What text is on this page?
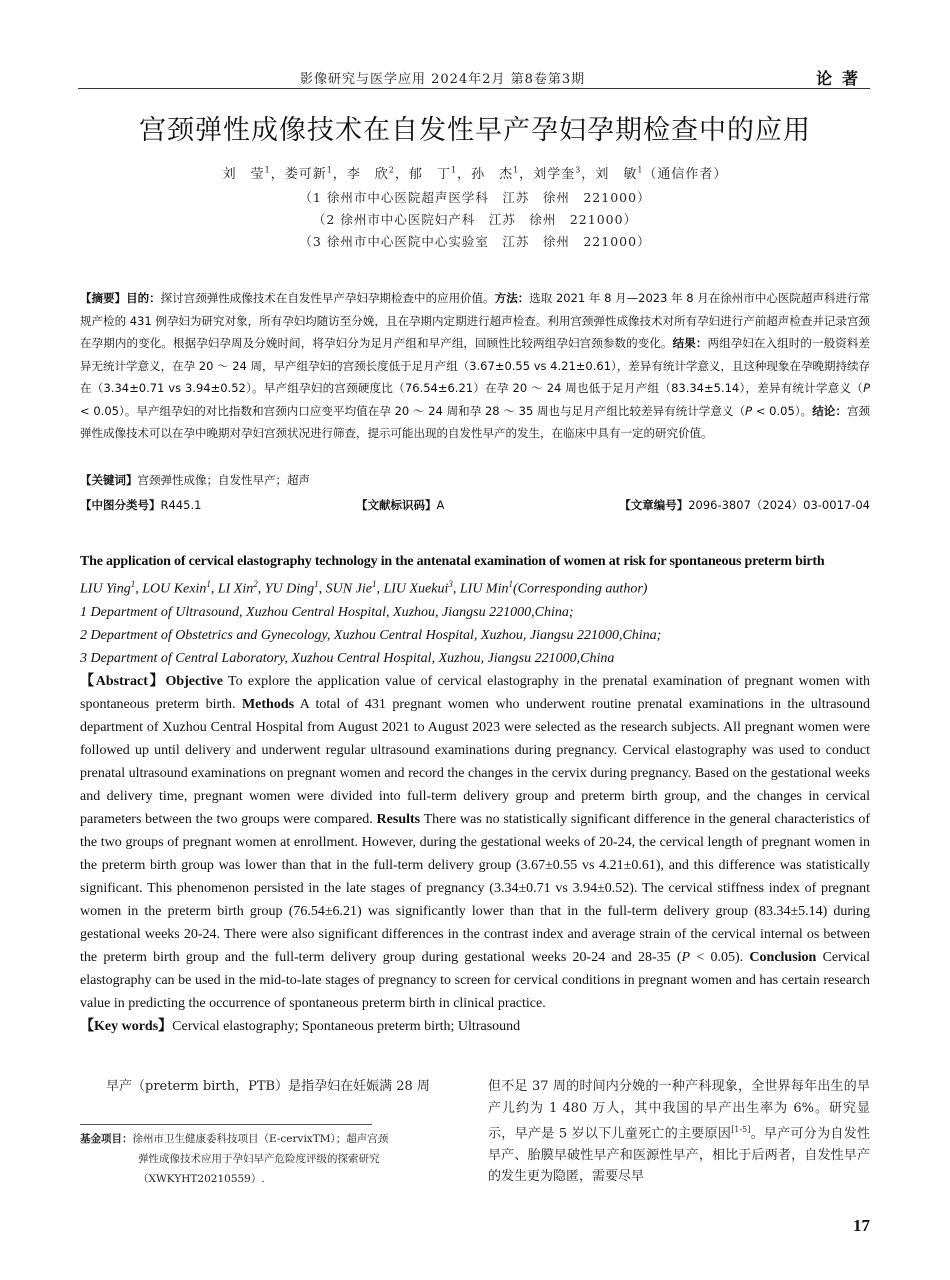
影像研究与医学应用 2024年2月 第8卷第3期	论著
宫颈弹性成像技术在自发性早产孕妇孕期检查中的应用
刘　莹$^1$，娄可新$^1$，李　欣$^2$，郁　丁$^1$，孙　杰$^1$，刘学奎$^3$，刘　敏$^1$（通信作者）
（1 徐州市中心医院超声医学科　江苏　徐州　221000）
（2 徐州市中心医院妇产科　江苏　徐州　221000）
（3 徐州市中心医院中心实验室　江苏　徐州　221000）
【摘要】目的：探讨宫颈弹性成像技术在自发性早产孕妇孕期检查中的应用价值。方法：选取 2021 年 8 月—2023 年 8 月在徐州市中心医院超声科进行常规产检的 431 例孕妇为研究对象，所有孕妇均随访至分娩，且在孕期内定期进行超声检查。利用宫颈弹性成像技术对所有孕妇进行产前超声检查并记录宫颈在孕期内的变化。根据孕妇孕周及分娩时间，将孕妇分为足月产组和早产组，回顾性比较两组孕妇宫颈参数的变化。结果：两组孕妇在入组时的一般资料差异无统计学意义，在孕 20 ～ 24 周，早产组孕妇的宫颈长度低于足月产组（3.67±0.55 vs 4.21±0.61），差异有统计学意义，且这种现象在孕晚期持续存在（3.34±0.71 vs 3.94±0.52）。早产组孕妇的宫颈硬度比（76.54±6.21）在孕 20 ～ 24 周也低于足月产组（83.34±5.14），差异有统计学意义（P < 0.05）。早产组孕妇的对比指数和宫颈内口应变平均值在孕 20 ～ 24 周和孕 28 ～ 35 周也与足月产组比较差异有统计学意义（P < 0.05）。结论：宫颈弹性成像技术可以在孕中晚期对孕妇宫颈状况进行筛查，提示可能出现的自发性早产的发生，在临床中具有一定的研究价值。
【关键词】宫颈弹性成像；自发性早产；超声
【中图分类号】R445.1	【文献标识码】A	【文章编号】2096-3807（2024）03-0017-04
The application of cervical elastography technology in the antenatal examination of women at risk for spontaneous preterm birth
LIU Ying$^1$, LOU Kexin$^1$, LI Xin$^2$, YU Ding$^1$, SUN Jie$^1$, LIU Xuekui$^3$, LIU Min$^1$(Corresponding author)
1 Department of Ultrasound, Xuzhou Central Hospital, Xuzhou, Jiangsu 221000,China;
2 Department of Obstetrics and Gynecology, Xuzhou Central Hospital, Xuzhou, Jiangsu 221000,China;
3 Department of Central Laboratory, Xuzhou Central Hospital, Xuzhou, Jiangsu 221000,China
【Abstract】Objective To explore the application value of cervical elastography in the prenatal examination of pregnant women with spontaneous preterm birth. Methods A total of 431 pregnant women who underwent routine prenatal examinations in the ultrasound department of Xuzhou Central Hospital from August 2021 to August 2023 were selected as the research subjects. All pregnant women were followed up until delivery and underwent regular ultrasound examinations during pregnancy. Cervical elastography was used to conduct prenatal ultrasound examinations on pregnant women and record the changes in the cervix during pregnancy. Based on the gestational weeks and delivery time, pregnant women were divided into full-term delivery group and preterm birth group, and the changes in cervical parameters between the two groups were compared. Results There was no statistically significant difference in the general characteristics of the two groups of pregnant women at enrollment. However, during the gestational weeks of 20-24, the cervical length of pregnant women in the preterm birth group was lower than that in the full-term delivery group (3.67±0.55 vs 4.21±0.61), and this difference was statistically significant. This phenomenon persisted in the late stages of pregnancy (3.34±0.71 vs 3.94±0.52). The cervical stiffness index of pregnant women in the preterm birth group (76.54±6.21) was significantly lower than that in the full-term delivery group (83.34±5.14) during gestational weeks 20-24. There were also significant differences in the contrast index and average strain of the cervical internal os between the preterm birth group and the full-term delivery group during gestational weeks 20-24 and 28-35 (P < 0.05). Conclusion Cervical elastography can be used in the mid-to-late stages of pregnancy to screen for cervical conditions in pregnant women and has certain research value in predicting the occurrence of spontaneous preterm birth in clinical practice.
【Key words】Cervical elastography; Spontaneous preterm birth; Ultrasound

早产（preterm birth，PTB）是指孕妇在妊娠满 28 周

基金项目：徐州市卫生健康委科技项目（E-cervixTM）；超声宫颈
弹性成像技术应用于孕妇早产危险度评级的探索研究
（XWKYHT20210559）.
但不足 37 周的时间内分娩的一种产科现象，全世界每年出生的早产儿约为 1 480 万人，其中我国的早产出生率为 6%。研究显示，早产是 5 岁以下儿童死亡的主要原因[1-5]。早产可分为自发性早产、胎膜早破性早产和医源性早产，相比于后两者，自发性早产的发生更为隐匿，需要尽早
17
